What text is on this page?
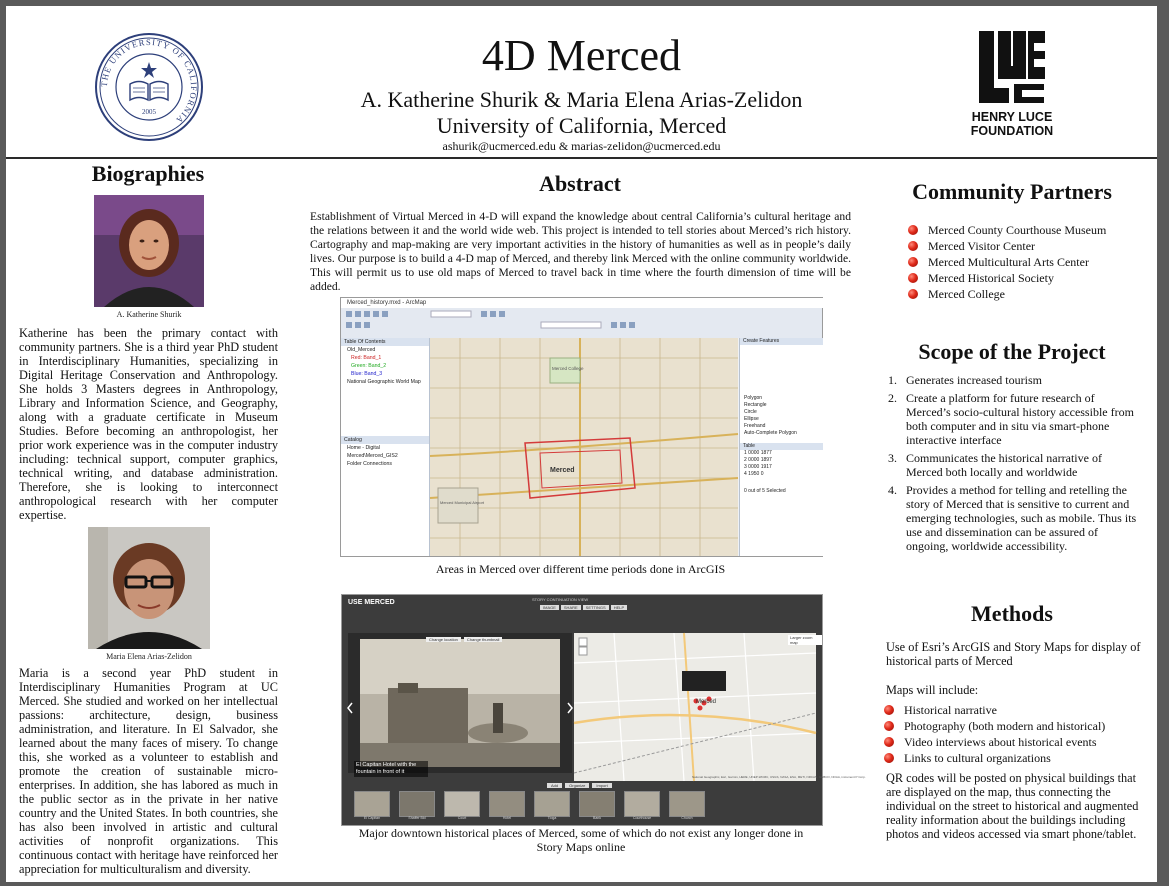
THE UNIVERSITY OF CALIFORNIA
2005
4D Merced
A. Katherine Shurik & Maria Elena Arias-Zelidon
University of California, Merced
ashurik@ucmerced.edu & marias-zelidon@ucmerced.edu
HENRY LUCE
FOUNDATION
Biographies
A. Katherine Shurik

Katherine has been the primary contact with community partners. She is a third year PhD student in Interdisciplinary Humanities, specializing in Digital Heritage Conservation and Anthropology. She holds 3 Masters degrees in Anthropology, Library and Information Science, and Geography, along with a graduate certificate in Museum Studies. Before becoming an anthropologist, her prior work experience was in the computer industry including: technical support, computer graphics, technical writing, and database administration. Therefore, she is looking to interconnect anthropological research with her computer expertise.

Maria Elena Arias-Zelidon

Maria is a second year PhD student in Interdisciplinary Humanities Program at UC Merced. She studied and worked on her intellectual passions: architecture, design, business administration, and literature. In El Salvador, she learned about the many faces of misery. To change this, she worked as a volunteer to establish and promote the creation of sustainable micro-enterprises. In addition, she has labored as much in the public sector as in the private in her native country and the United States. In both countries, she has also been involved in artistic and cultural activities of nonprofit organizations. This continuous contact with heritage have reinforced her appreciation for multiculturalism and diversity.

Abstract

Establishment of Virtual Merced in 4-D will expand the knowledge about central California’s cultural heritage and the relations between it and the world wide web. This project is intended to tell stories about Merced’s rich history. Cartography and map-making are very important activities in the history of humanities as well as in people’s daily lives. Our purpose is to build a 4-D map of Merced, and thereby link Merced with the online community worldwide. This will permit us to use old maps of Merced to travel back in time where the fourth dimension of time will be added.

Merced_history.mxd - ArcMap
Table Of Contents
Old_Merced
Red: Band_1
Green: Band_2
Blue: Band_3
National Geographic World Map
Catalog
Home - Digital Merced\Merced_GIS2
Folder Connections
Merced
Merced Municipal Airport
Merced College
Create Features
Polygon
Rectangle
Circle
Ellipse
Freehand
Auto-Complete Polygon
Table
1 0000 1877
2 0000 1897
3 0000 1917
4 1950 0
0 out of 5 Selected
Areas in Merced over different time periods done in ArcGIS
USE MERCED	STORY CONTINUATION VIEW
IMAGE SHARE SETTINGS HELP
El Capitan Hotel with the fountain in front of it
Change location Change thumbnail
Merced
Larger zoom map
National Geographic, Esri, Garmin, HERE, UNEP-WCMC, USGS, NASA, ESA, METI, NRCAN, GEBCO, NOAA, increment P Corp.
Add	Organize	Import
El Capitan	Shaffer Bld	Court	Hotel	Tioga	Bank	Courthouse	Church
Major downtown historical places of Merced, some of which do not exist any longer done in Story Maps online
Community Partners
Merced County Courthouse Museum
Merced Visitor Center
Merced Multicultural Arts Center
Merced Historical Society
Merced College
Scope of the Project
1. Generates increased tourism
2. Create a platform for future research of Merced’s socio-cultural history accessible from both computer and in situ via smart-phone interactive interface
3. Communicates the historical narrative of Merced both locally and worldwide
4. Provides a method for telling and retelling the story of Merced that is sensitive to current and emerging technologies, such as mobile. Thus its use and dissemination can be assured of ongoing, worldwide accessibility.
Methods

Use of Esri’s ArcGIS and Story Maps for display of historical parts of Merced

Maps will include:

Historical narrative
Photography (both modern and historical)
Video interviews about historical events
Links to cultural organizations

QR codes will be posted on physical buildings that are displayed on the map, thus connecting the individual on the street to historical and augmented reality information about the buildings including photos and videos accessed via smart phone/tablet.
